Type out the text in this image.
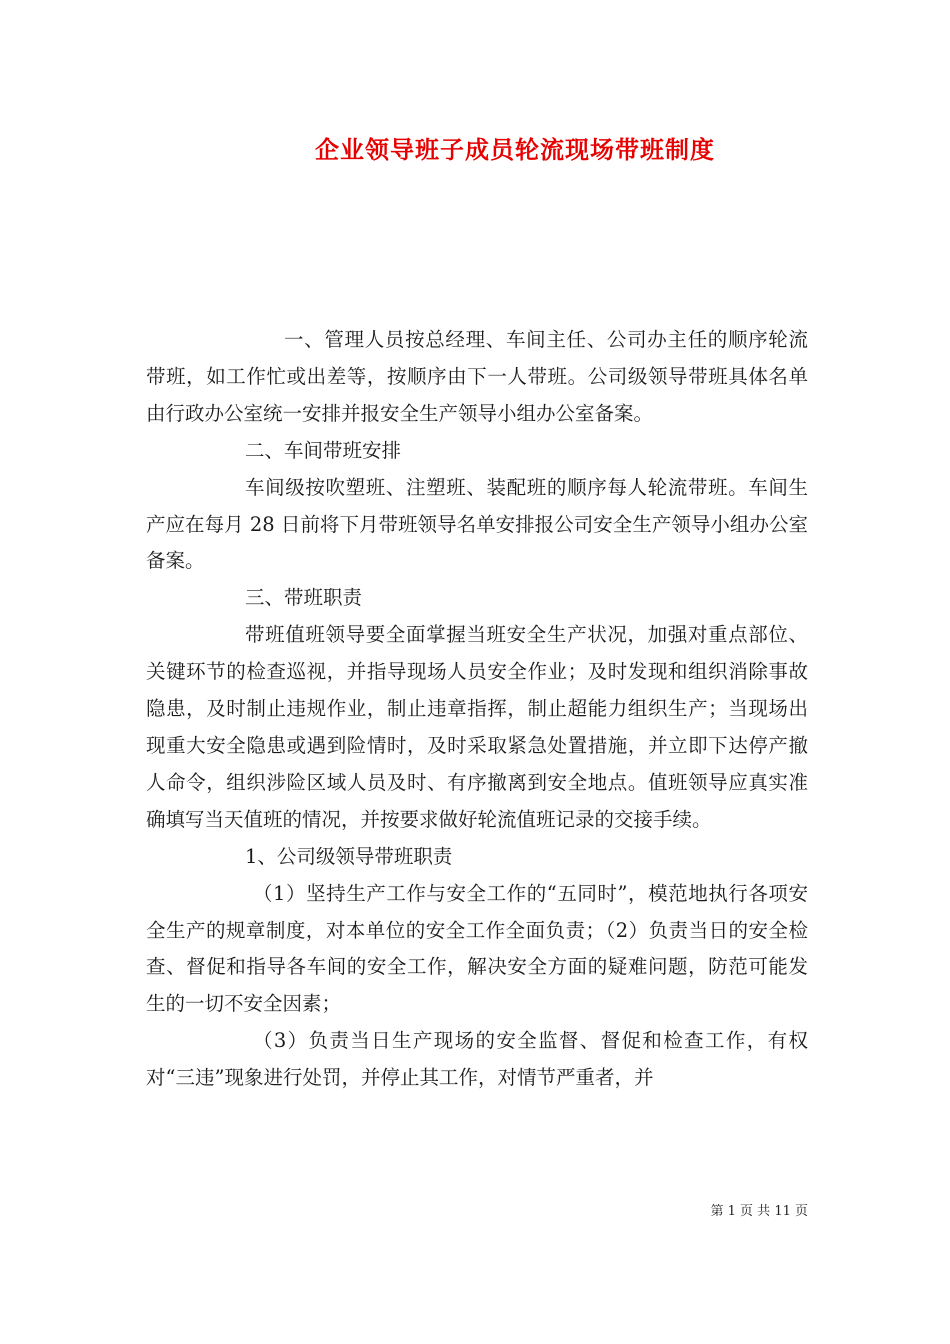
企业领导班子成员轮流现场带班制度

一、管理人员按总经理、车间主任、公司办主任的顺序轮流带班，如工作忙或出差等，按顺序由下一人带班。公司级领导带班具体名单由行政办公室统一安排并报安全生产领导小组办公室备案。

二、车间带班安排

车间级按吹塑班、注塑班、装配班的顺序每人轮流带班。车间生产应在每月 28 日前将下月带班领导名单安排报公司安全生产领导小组办公室备案。

三、带班职责

带班值班领导要全面掌握当班安全生产状况，加强对重点部位、关键环节的检查巡视，并指导现场人员安全作业；及时发现和组织消除事故隐患，及时制止违规作业，制止违章指挥，制止超能力组织生产；当现场出现重大安全隐患或遇到险情时，及时采取紧急处置措施，并立即下达停产撤人命令，组织涉险区域人员及时、有序撤离到安全地点。值班领导应真实准确填写当天值班的情况，并按要求做好轮流值班记录的交接手续。

1、公司级领导带班职责

（1）坚持生产工作与安全工作的“五同时”，模范地执行各项安全生产的规章制度，对本单位的安全工作全面负责；（2）负责当日的安全检查、督促和指导各车间的安全工作，解决安全方面的疑难问题，防范可能发生的一切不安全因素；

（3）负责当日生产现场的安全监督、督促和检查工作，有权对“三违”现象进行处罚，并停止其工作，对情节严重者，并

第 1 页 共 11 页
